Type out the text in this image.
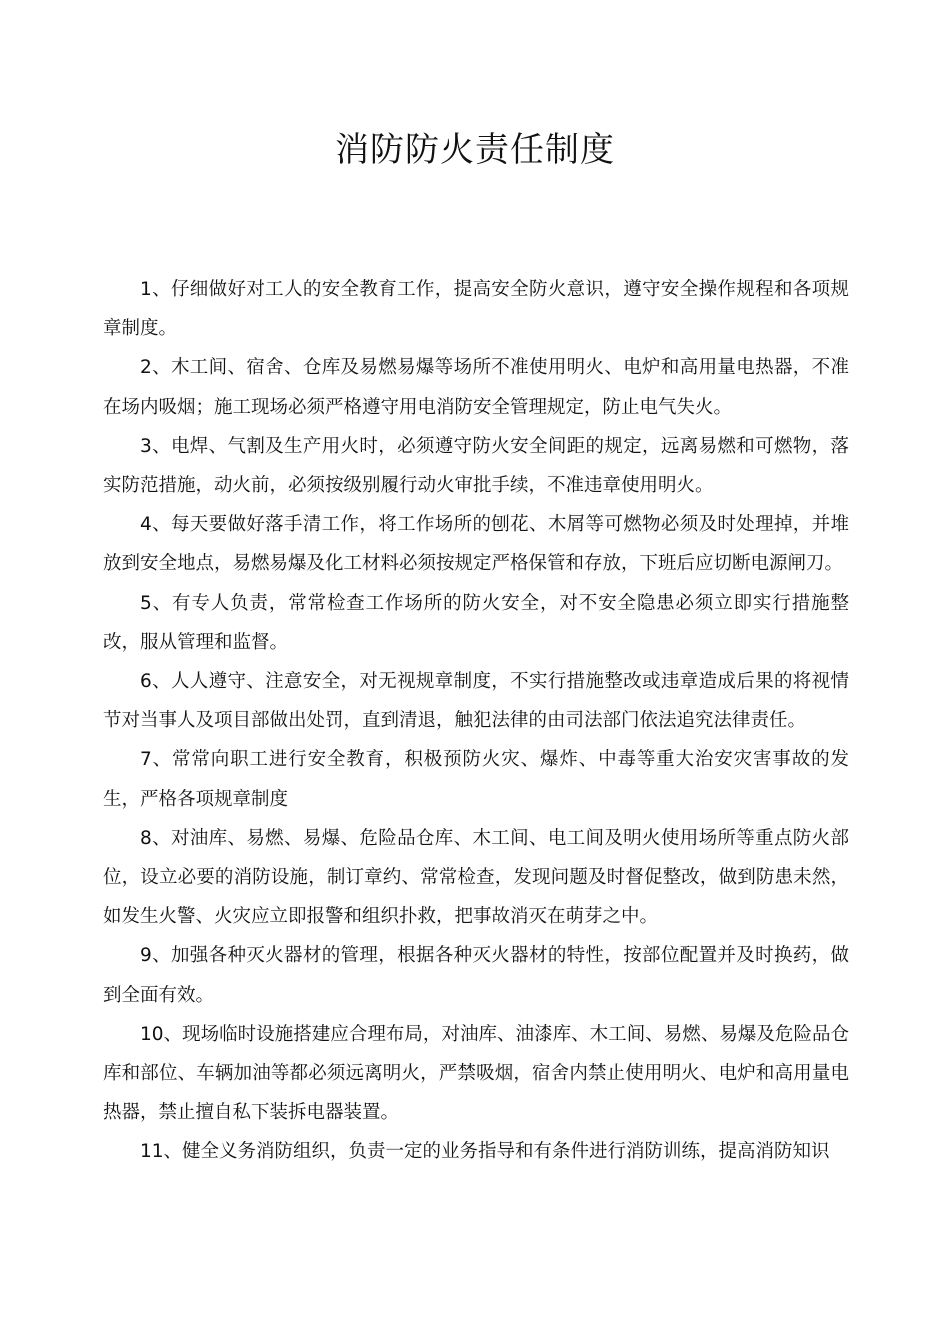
消防防火责任制度

1、仔细做好对工人的安全教育工作，提高安全防火意识，遵守安全操作规程和各项规章制度。

2、木工间、宿舍、仓库及易燃易爆等场所不准使用明火、电炉和高用量电热器，不准在场内吸烟；施工现场必须严格遵守用电消防安全管理规定，防止电气失火。

3、电焊、气割及生产用火时，必须遵守防火安全间距的规定，远离易燃和可燃物，落实防范措施，动火前，必须按级别履行动火审批手续，不准违章使用明火。

4、每天要做好落手清工作，将工作场所的刨花、木屑等可燃物必须及时处理掉，并堆放到安全地点，易燃易爆及化工材料必须按规定严格保管和存放，下班后应切断电源闸刀。

5、有专人负责，常常检查工作场所的防火安全，对不安全隐患必须立即实行措施整改，服从管理和监督。

6、人人遵守、注意安全，对无视规章制度，不实行措施整改或违章造成后果的将视情节对当事人及项目部做出处罚，直到清退，触犯法律的由司法部门依法追究法律责任。

7、常常向职工进行安全教育，积极预防火灾、爆炸、中毒等重大治安灾害事故的发生，严格各项规章制度

8、对油库、易燃、易爆、危险品仓库、木工间、电工间及明火使用场所等重点防火部位，设立必要的消防设施，制订章约、常常检查，发现问题及时督促整改，做到防患未然，如发生火警、火灾应立即报警和组织扑救，把事故消灭在萌芽之中。

9、加强各种灭火器材的管理，根据各种灭火器材的特性，按部位配置并及时换药，做到全面有效。

10、现场临时设施搭建应合理布局，对油库、油漆库、木工间、易燃、易爆及危险品仓库和部位、车辆加油等都必须远离明火，严禁吸烟，宿舍内禁止使用明火、电炉和高用量电热器，禁止擅自私下装拆电器装置。

11、健全义务消防组织，负责一定的业务指导和有条件进行消防训练，提高消防知识
